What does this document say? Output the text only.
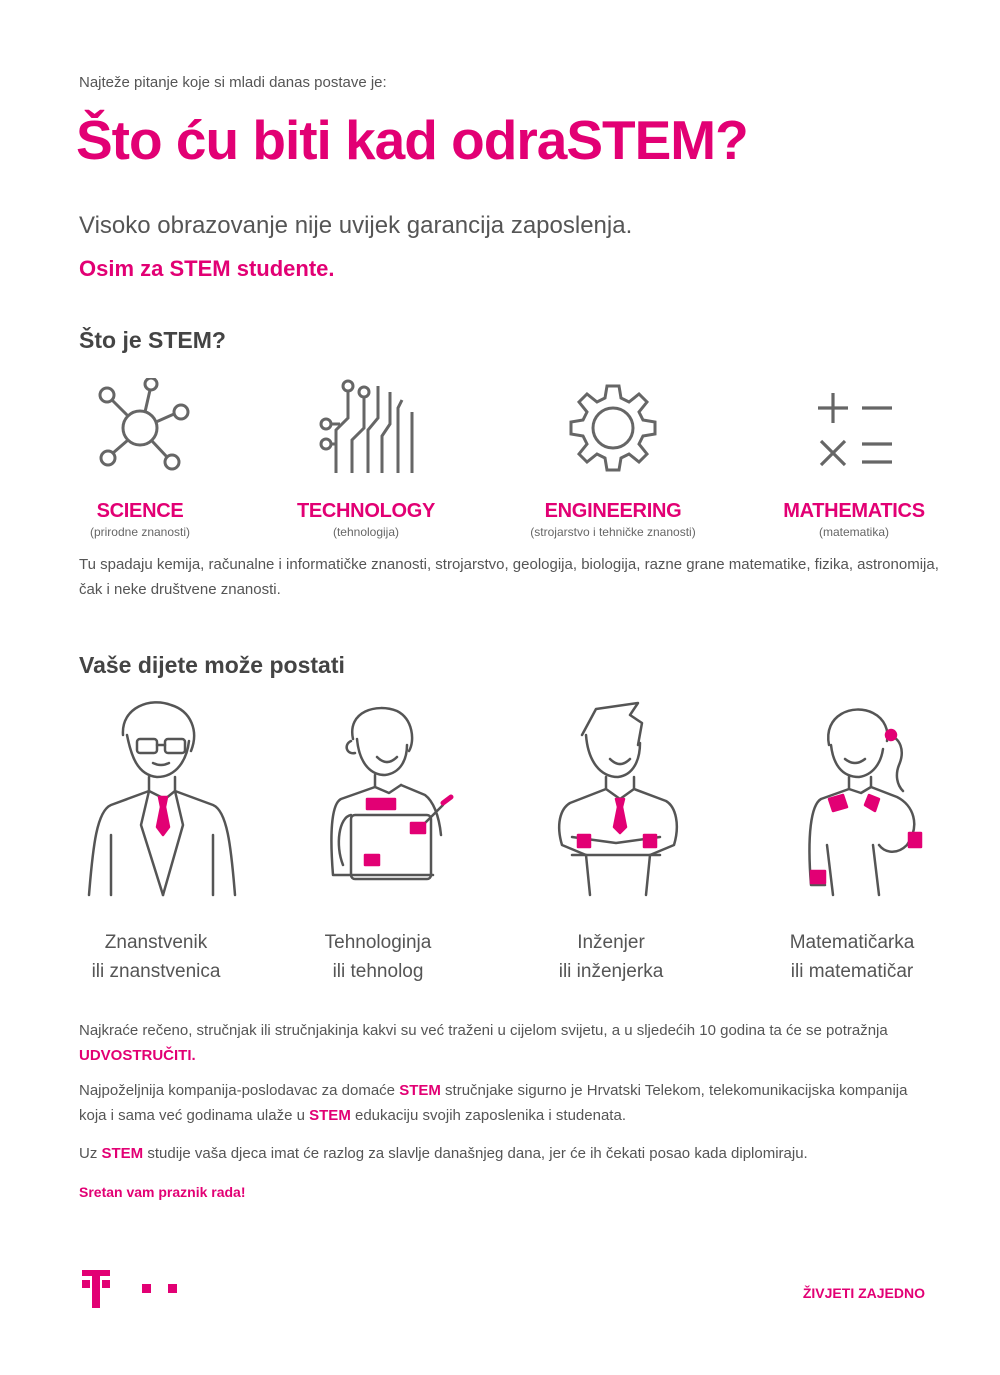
Najteže pitanje koje si mladi danas postave je:
Što ću biti kad odraSTEM?
Visoko obrazovanje nije uvijek garancija zaposlenja.
Osim za STEM studente.
Što je STEM?
SCIENCE
(prirodne znanosti)
TECHNOLOGY
(tehnologija)
ENGINEERING
(strojarstvo i tehničke znanosti)
MATHEMATICS
(matematika)
Tu spadaju kemija, računalne i informatičke znanosti, strojarstvo, geologija, biologija, razne grane matematike, fizika, astronomija, čak i neke društvene znanosti.
Vaše dijete može postati
Znanstvenik
ili znanstvenica
Tehnologinja
ili tehnolog
Inženjer
ili inženjerka
Matematičarka
ili matematičar
Najkraće rečeno, stručnjak ili stručnjakinja kakvi su već traženi u cijelom svijetu, a u sljedećih 10 godina ta će se potražnja UDVOSTRUČITI.
Najpoželjnija kompanija-poslodavac za domaće STEM stručnjake sigurno je Hrvatski Telekom, telekomunikacijska kompanija koja i sama već godinama ulaže u STEM edukaciju svojih zaposlenika i studenata.
Uz STEM studije vaša djeca imat će razlog za slavlje današnjeg dana, jer će ih čekati posao kada diplomiraju.
Sretan vam praznik rada!
ŽIVJETI ZAJEDNO
